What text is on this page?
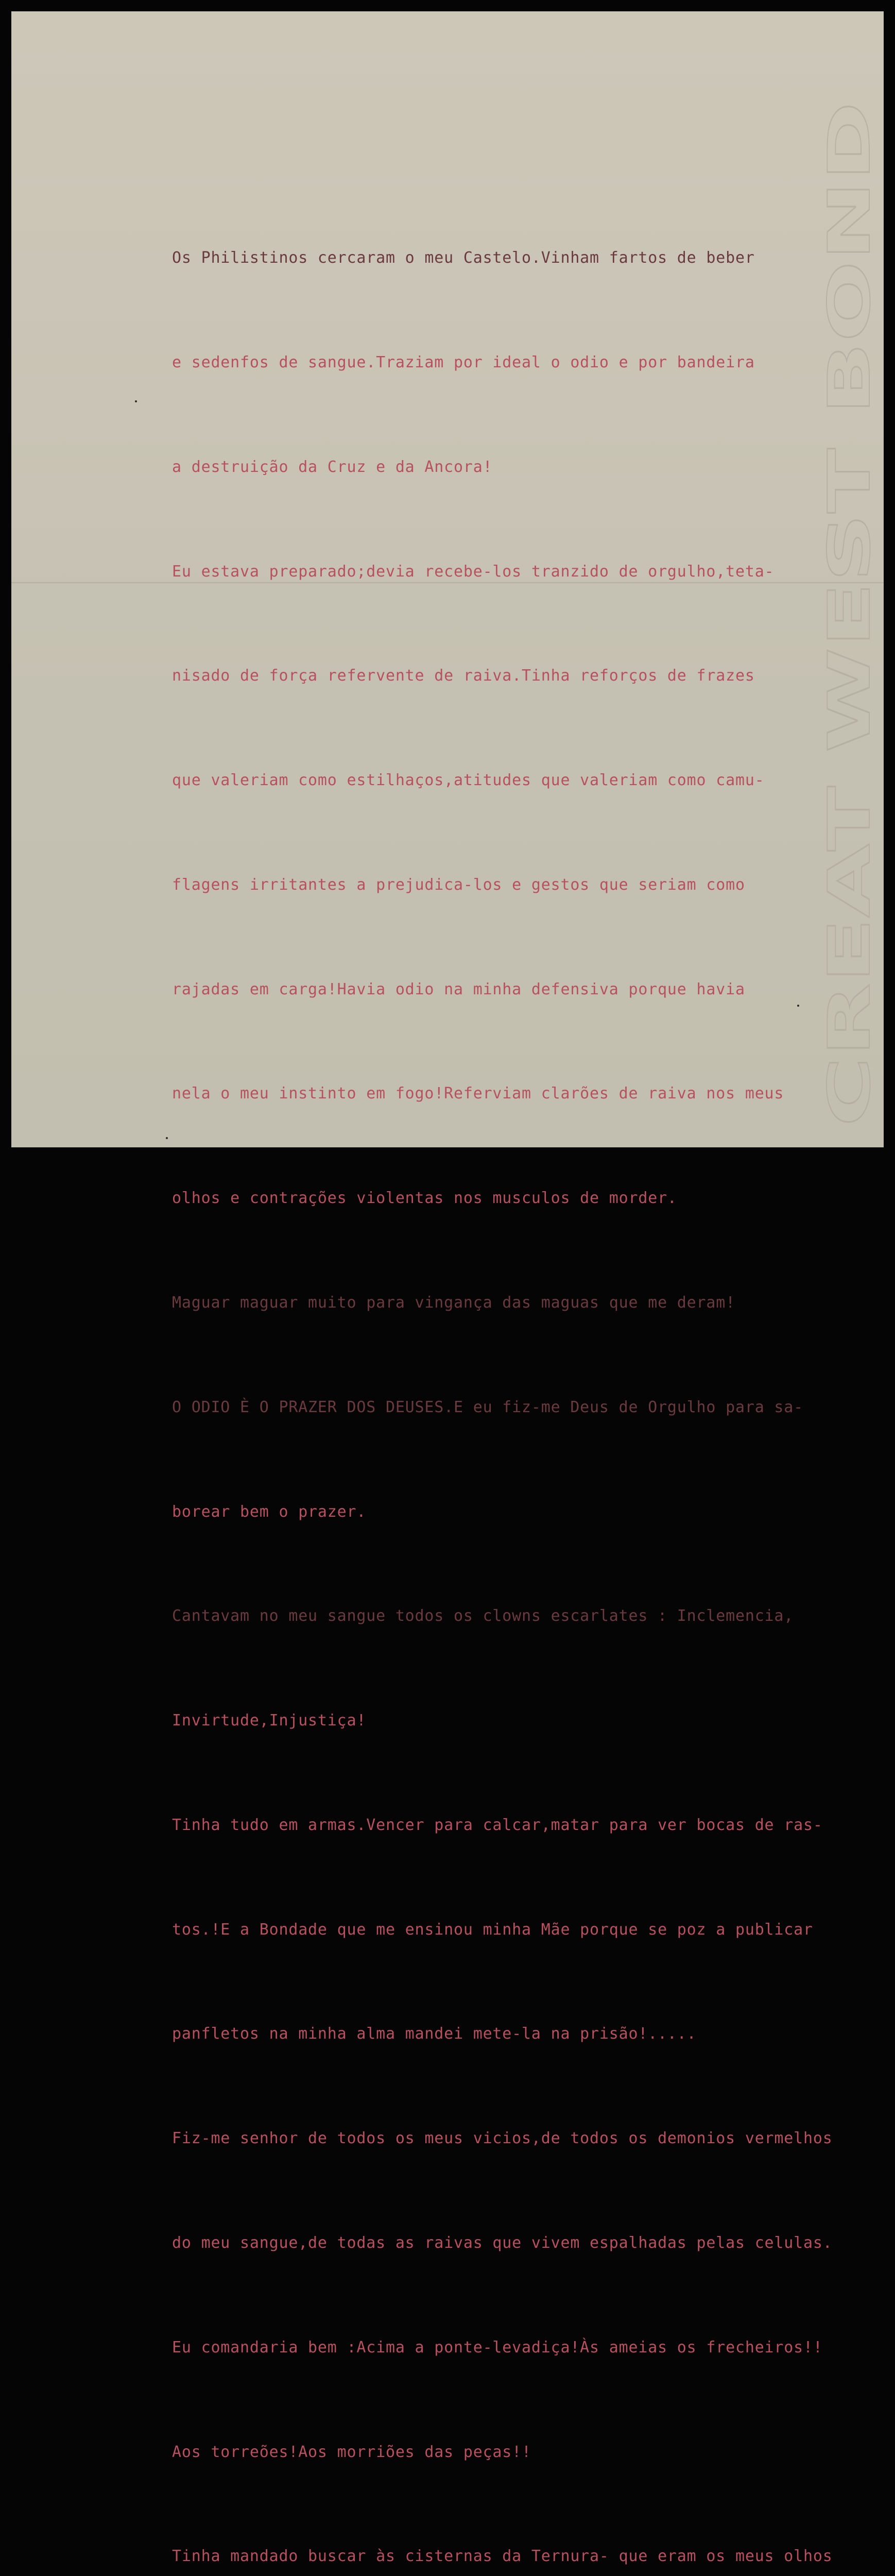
CREAT WEST BOND

Os Philistinos cercaram o meu Castelo.Vinham fartos de beber

e sedenfos de sangue.Traziam por ideal o odio e por bandeira

a destruição da Cruz e da Ancora!

Eu estava preparado;devia recebe-los tranzido de orgulho,teta-

nisado de força refervente de raiva.Tinha reforços de frazes

que valeriam como estilhaços,atitudes que valeriam como camu-

flagens irritantes a prejudica-los e gestos que seriam como

rajadas em carga!Havia odio na minha defensiva porque havia

nela o meu instinto em fogo!Referviam clarões de raiva nos meus

olhos e contrações violentas nos musculos de morder.

Maguar maguar muito para vingança das maguas que me deram!

O ODIO È O PRAZER DOS DEUSES.E eu fiz-me Deus de Orgulho para sa-

borear bem o prazer.

Cantavam no meu sangue todos os clowns escarlates : Inclemencia,

Invirtude,Injustiça!

Tinha tudo em armas.Vencer para calcar,matar para ver bocas de ras-

tos.!E a Bondade que me ensinou minha Mãe porque se poz a publicar

panfletos na minha alma mandei mete-la na prisão!.....

Fiz-me senhor de todos os meus vicios,de todos os demonios vermelhos

do meu sangue,de todas as raivas que vivem espalhadas pelas celulas.

Eu comandaria bem :Acima a ponte-levadiça!Às ameias os frecheiros!!

Aos torreões!Aos morriões das peças!!

Tinha mandado buscar às cisternas da Ternura- que eram os meus olhos
